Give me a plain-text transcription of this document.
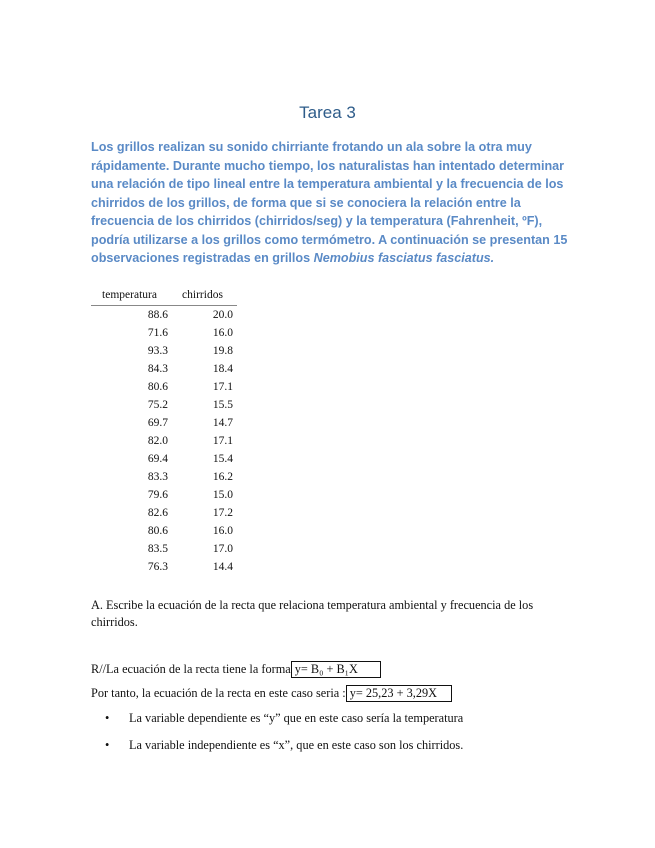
Tarea 3

Los grillos realizan su sonido chirriante frotando un ala sobre la otra muy rápidamente. Durante mucho tiempo, los naturalistas han intentado determinar una relación de tipo lineal entre la temperatura ambiental y la frecuencia de los chirridos de los grillos, de forma que si se conociera la relación entre la frecuencia de los chirridos (chirridos/seg) y la temperatura (Fahrenheit, ºF), podría utilizarse a los grillos como termómetro. A continuación se presentan 15 observaciones registradas en grillos Nemobius fasciatus fasciatus.

temperatura	chirridos
88.6	20.0
71.6	16.0
93.3	19.8
84.3	18.4
80.6	17.1
75.2	15.5
69.7	14.7
82.0	17.1
69.4	15.4
83.3	16.2
79.6	15.0
82.6	17.2
80.6	16.0
83.5	17.0
76.3	14.4

A. Escribe la ecuación de la recta que relaciona temperatura ambiental y frecuencia de los chirridos.

R//La ecuación de la recta tiene la forma y= B₀ + B₁X

Por tanto, la ecuación de la recta en este caso seria : y= 25,23 + 3,29X

• La variable dependiente es “y” que en este caso sería la temperatura
• La variable independiente es “x”, que en este caso son los chirridos.
